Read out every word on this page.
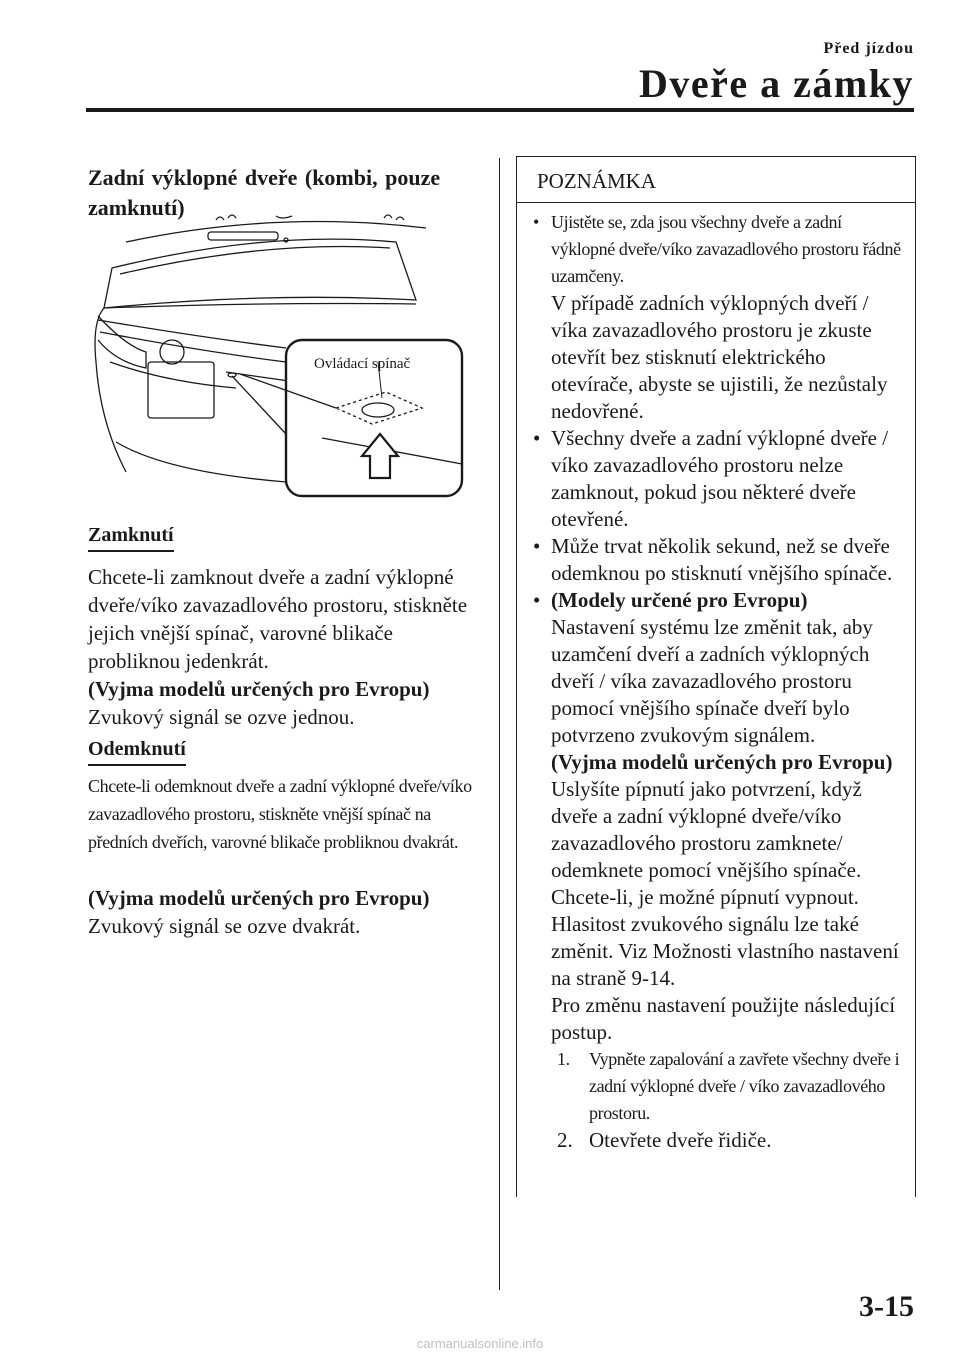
Před jízdou
Dveře a zámky
Zadní výklopné dveře (kombi, pouze zamknutí)
Ovládací spínač
Zamknutí
Chcete-li zamknout dveře a zadní výklopné dveře/víko zavazadlového prostoru, stiskněte jejich vnější spínač, varovné blikače probliknou jedenkrát.
(Vyjma modelů určených pro Evropu)
Zvukový signál se ozve jednou.
Odemknutí
Chcete-li odemknout dveře a zadní výklopné dveře/víko zavazadlového prostoru, stiskněte vnější spínač na předních dveřích, varovné blikače probliknou dvakrát.
(Vyjma modelů určených pro Evropu)
Zvukový signál se ozve dvakrát.
POZNÁMKA
• Ujistěte se, zda jsou všechny dveře a zadní výklopné dveře/víko zavazadlového prostoru řádně uzamčeny.
V případě zadních výklopných dveří / víka zavazadlového prostoru je zkuste otevřít bez stisknutí elektrického otevírače, abyste se ujistili, že nezůstaly nedovřené.
• Všechny dveře a zadní výklopné dveře / víko zavazadlového prostoru nelze zamknout, pokud jsou některé dveře otevřené.
• Může trvat několik sekund, než se dveře odemknou po stisknutí vnějšího spínače.
• (Modely určené pro Evropu)
Nastavení systému lze změnit tak, aby uzamčení dveří a zadních výklopných dveří / víka zavazadlového prostoru pomocí vnějšího spínače dveří bylo potvrzeno zvukovým signálem.
(Vyjma modelů určených pro Evropu)
Uslyšíte pípnutí jako potvrzení, když dveře a zadní výklopné dveře/víko zavazadlového prostoru zamknete/ odemknete pomocí vnějšího spínače. Chcete-li, je možné pípnutí vypnout. Hlasitost zvukového signálu lze také změnit. Viz Možnosti vlastního nastavení na straně 9-14.
Pro změnu nastavení použijte následující postup.
1. Vypněte zapalování a zavřete všechny dveře i zadní výklopné dveře / víko zavazadlového prostoru.
2. Otevřete dveře řidiče.
3-15
carmanualsonline.info
